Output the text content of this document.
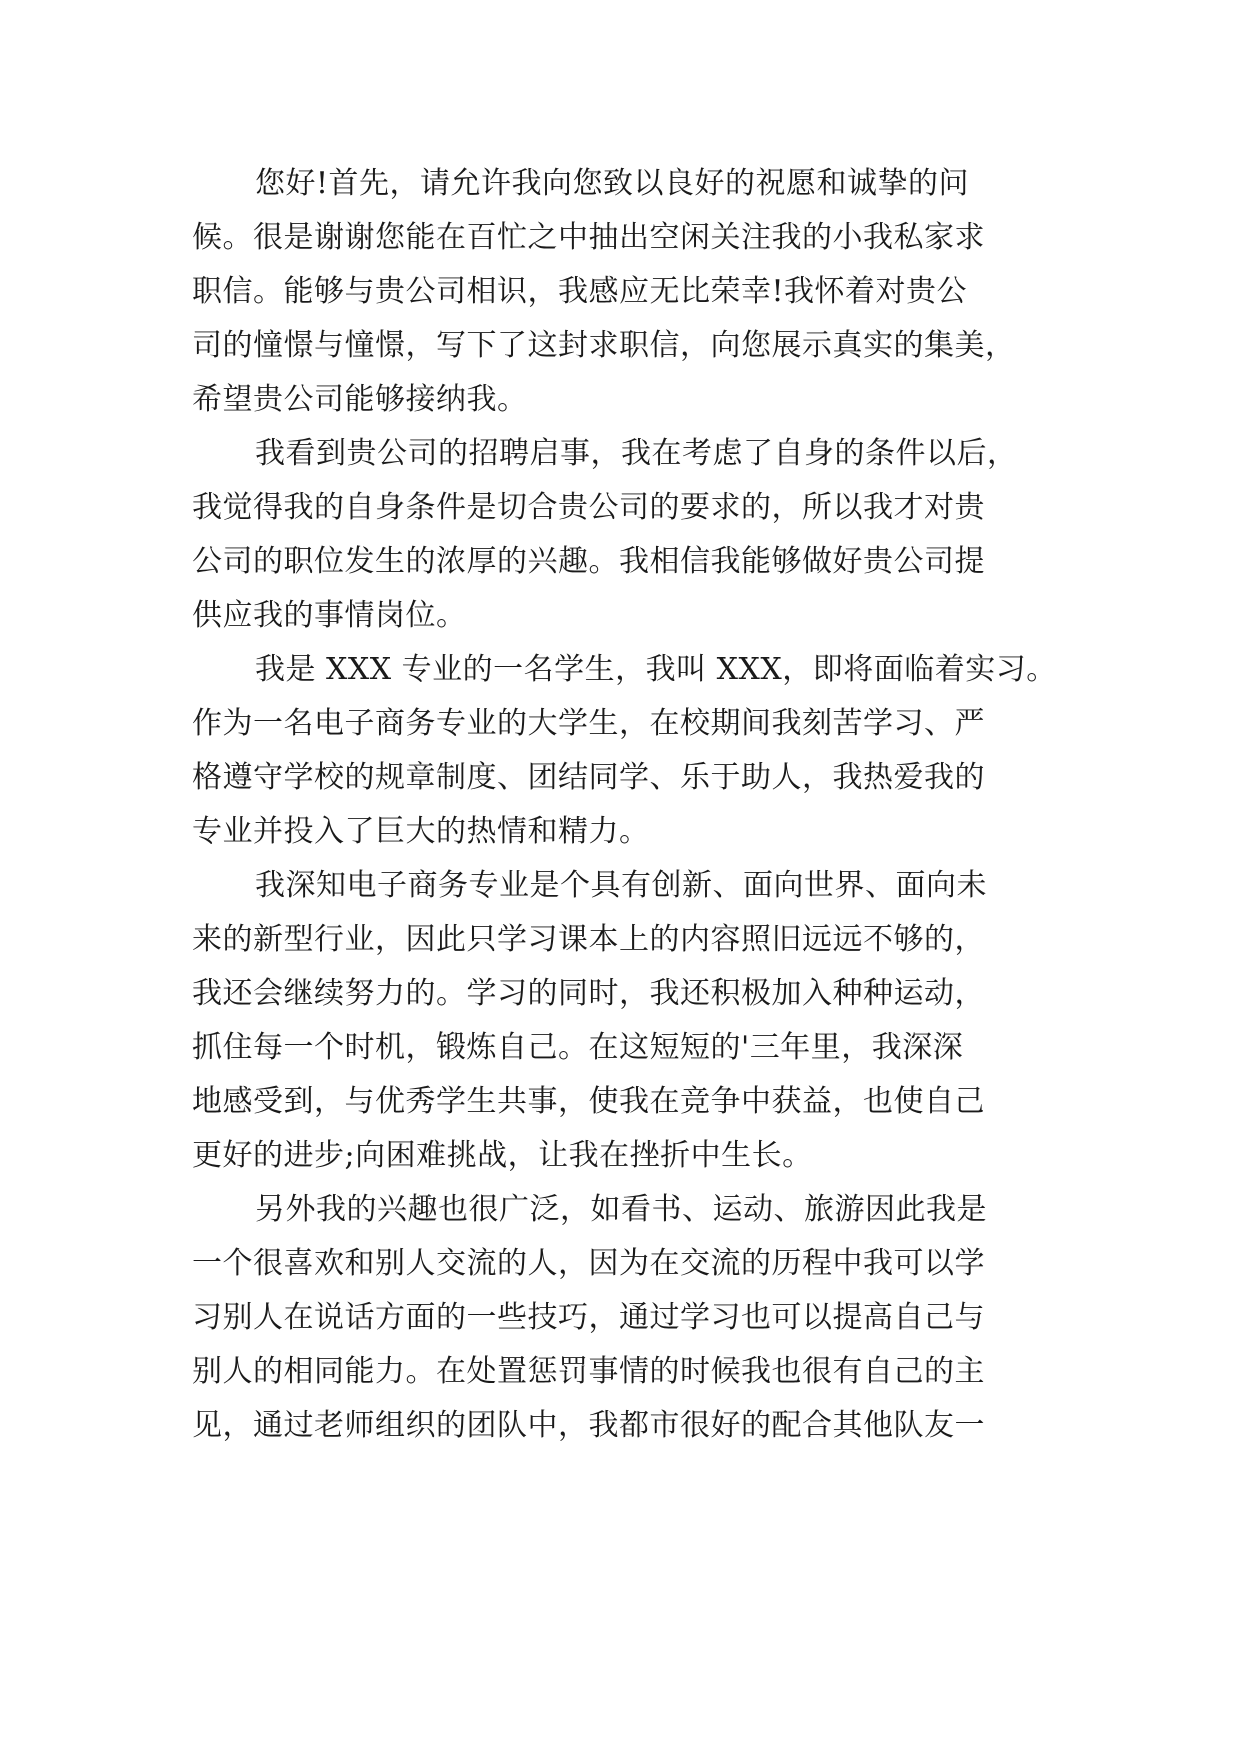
您好!首先，请允许我向您致以良好的祝愿和诚挚的问
候。很是谢谢您能在百忙之中抽出空闲关注我的小我私家求
职信。能够与贵公司相识，我感应无比荣幸!我怀着对贵公
司的憧憬与憧憬，写下了这封求职信，向您展示真实的集美，
希望贵公司能够接纳我。
我看到贵公司的招聘启事，我在考虑了自身的条件以后，
我觉得我的自身条件是切合贵公司的要求的，所以我才对贵
公司的职位发生的浓厚的兴趣。我相信我能够做好贵公司提
供应我的事情岗位。
我是 XXX 专业的一名学生，我叫 XXX，即将面临着实习。
作为一名电子商务专业的大学生，在校期间我刻苦学习、严
格遵守学校的规章制度、团结同学、乐于助人，我热爱我的
专业并投入了巨大的热情和精力。
我深知电子商务专业是个具有创新、面向世界、面向未
来的新型行业，因此只学习课本上的内容照旧远远不够的，
我还会继续努力的。学习的同时，我还积极加入种种运动，
抓住每一个时机，锻炼自己。在这短短的'三年里，我深深
地感受到，与优秀学生共事，使我在竞争中获益，也使自己
更好的进步;向困难挑战，让我在挫折中生长。
另外我的兴趣也很广泛，如看书、运动、旅游因此我是
一个很喜欢和别人交流的人，因为在交流的历程中我可以学
习别人在说话方面的一些技巧，通过学习也可以提高自己与
别人的相同能力。在处置惩罚事情的时候我也很有自己的主
见，通过老师组织的团队中，我都市很好的配合其他队友一
